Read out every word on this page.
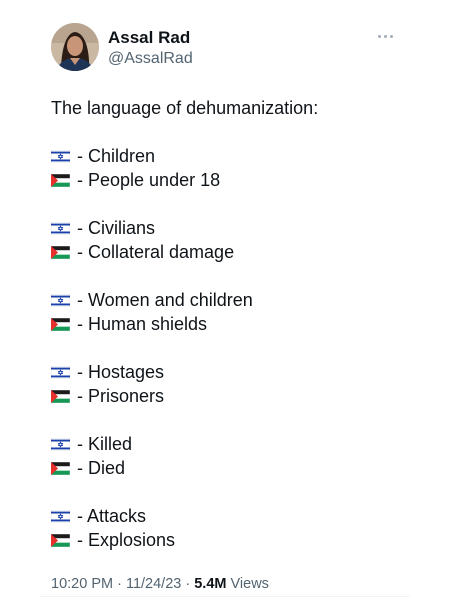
Assal Rad
@AssalRad
The language of dehumanization:
- Children
- People under 18
- Civilians
- Collateral damage
- Women and children
- Human shields
- Hostages
- Prisoners
- Killed
- Died
- Attacks
- Explosions
10:20 PM · 11/24/23 · 5.4M Views
